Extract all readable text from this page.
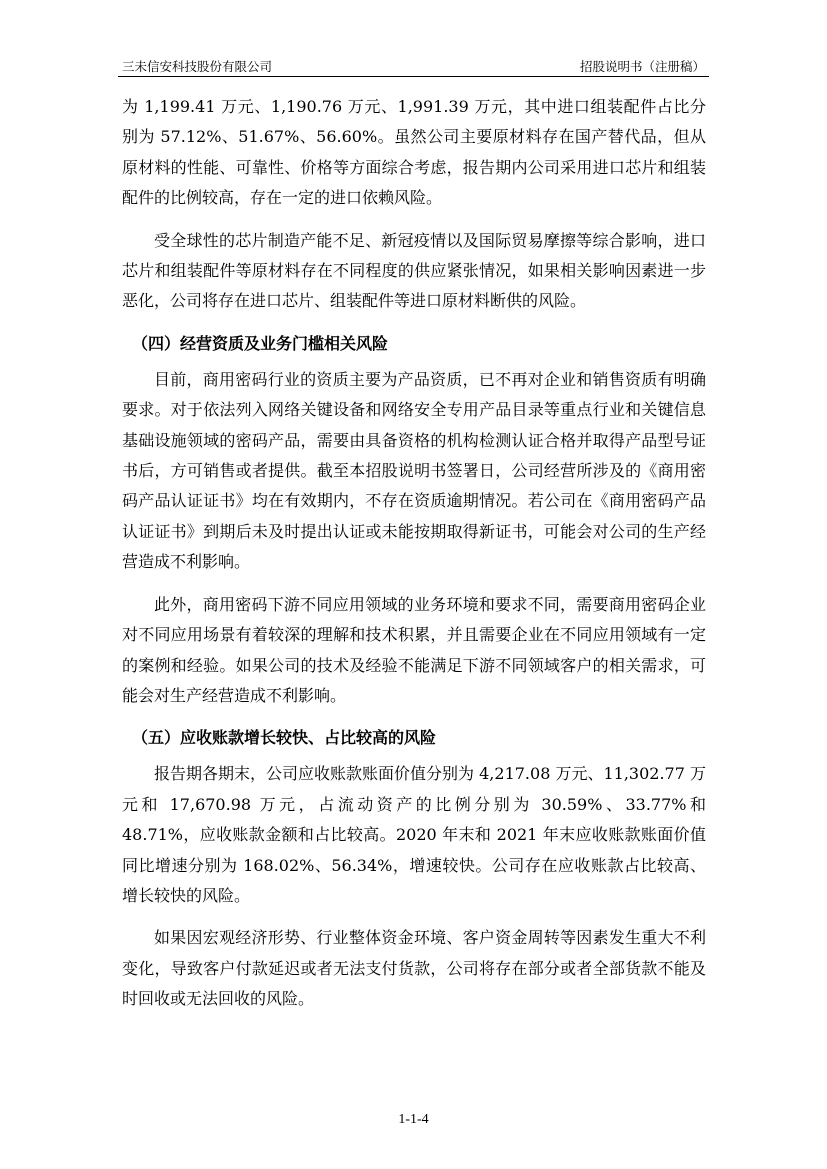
三未信安科技股份有限公司	招股说明书（注册稿）

为 1,199.41 万元、1,190.76 万元、1,991.39 万元，其中进口组装配件占比分别为 57.12%、51.67%、56.60%。虽然公司主要原材料存在国产替代品，但从原材料的性能、可靠性、价格等方面综合考虑，报告期内公司采用进口芯片和组装配件的比例较高，存在一定的进口依赖风险。

受全球性的芯片制造产能不足、新冠疫情以及国际贸易摩擦等综合影响，进口芯片和组装配件等原材料存在不同程度的供应紧张情况，如果相关影响因素进一步恶化，公司将存在进口芯片、组装配件等进口原材料断供的风险。

（四）经营资质及业务门槛相关风险

目前，商用密码行业的资质主要为产品资质，已不再对企业和销售资质有明确要求。对于依法列入网络关键设备和网络安全专用产品目录等重点行业和关键信息基础设施领域的密码产品，需要由具备资格的机构检测认证合格并取得产品型号证书后，方可销售或者提供。截至本招股说明书签署日，公司经营所涉及的《商用密码产品认证证书》均在有效期内，不存在资质逾期情况。若公司在《商用密码产品认证证书》到期后未及时提出认证或未能按期取得新证书，可能会对公司的生产经营造成不利影响。

此外，商用密码下游不同应用领域的业务环境和要求不同，需要商用密码企业对不同应用场景有着较深的理解和技术积累，并且需要企业在不同应用领域有一定的案例和经验。如果公司的技术及经验不能满足下游不同领域客户的相关需求，可能会对生产经营造成不利影响。

（五）应收账款增长较快、占比较高的风险

报告期各期末，公司应收账款账面价值分别为 4,217.08 万元、11,302.77 万元和 17,670.98 万元，占流动资产的比例分别为 30.59%、33.77%和 48.71%，应收账款金额和占比较高。2020 年末和 2021 年末应收账款账面价值同比增速分别为 168.02%、56.34%，增速较快。公司存在应收账款占比较高、增长较快的风险。

如果因宏观经济形势、行业整体资金环境、客户资金周转等因素发生重大不利变化，导致客户付款延迟或者无法支付货款，公司将存在部分或者全部货款不能及时回收或无法回收的风险。

1-1-4
